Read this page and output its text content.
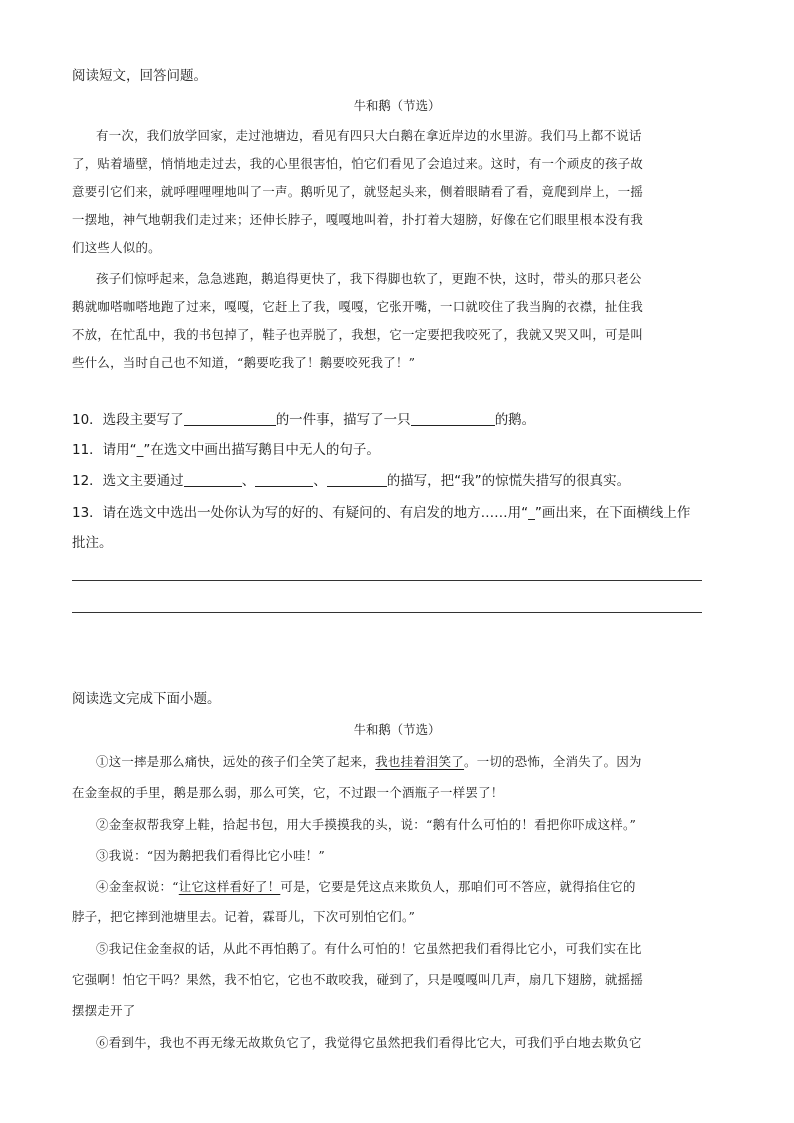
阅读短文，回答问题。
牛和鹅（节选）
有一次，我们放学回家，走过池塘边，看见有四只大白鹅在拿近岸边的水里游。我们马上都不说话
了，贴着墙壁，悄悄地走过去，我的心里很害怕，怕它们看见了会追过来。这时，有一个顽皮的孩子故
意要引它们来，就呼哩哩哩地叫了一声。鹅听见了，就竖起头来，侧着眼睛看了看，竟爬到岸上，一摇
一摆地，神气地朝我们走过来；还伸长脖子，嘎嘎地叫着，扑打着大翅膀，好像在它们眼里根本没有我
们这些人似的。
孩子们惊呼起来，急急逃跑，鹅追得更快了，我下得脚也软了，更跑不快，这时，带头的那只老公
鹅就咖嗒咖嗒地跑了过来，嘎嘎，它赶上了我，嘎嘎，它张开嘴，一口就咬住了我当胸的衣襟，扯住我
不放，在忙乱中，我的书包掉了，鞋子也弄脱了，我想，它一定要把我咬死了，我就又哭又叫，可是叫
些什么，当时自己也不知道，“鹅要吃我了！鹅要咬死我了！”
10．选段主要写了	的一件事，描写了一只	的鹅。
11．请用“_”在选文中画出描写鹅目中无人的句子。
12．选文主要通过	、	、	的描写，把“我”的惊慌失措写的很真实。
13．请在选文中选出一处你认为写的好的、有疑问的、有启发的地方……用“_”画出来，在下面横线上作
批注。
阅读选文完成下面小题。
牛和鹅（节选）
①这一摔是那么痛快，远处的孩子们全笑了起来，我也挂着泪笑了。一切的恐怖，全消失了。因为
在金奎叔的手里，鹅是那么弱，那么可笑，它，不过跟一个酒瓶子一样罢了！
②金奎叔帮我穿上鞋，拾起书包，用大手摸摸我的头，说：“鹅有什么可怕的！看把你吓成这样。”
③我说：“因为鹅把我们看得比它小哇！”
④金奎叔说：“让它这样看好了！可是，它要是凭这点来欺负人，那咱们可不答应，就得掐住它的
脖子，把它摔到池塘里去。记着，霖哥儿，下次可别怕它们。”
⑤我记住金奎叔的话，从此不再怕鹅了。有什么可怕的！它虽然把我们看得比它小，可我们实在比
它强啊！怕它干吗？果然，我不怕它，它也不敢咬我，碰到了，只是嘎嘎叫几声，扇几下翅膀，就摇摇
摆摆走开了
⑥看到牛，我也不再无缘无故欺负它了，我觉得它虽然把我们看得比它大，可我们乎白地去欺负它
